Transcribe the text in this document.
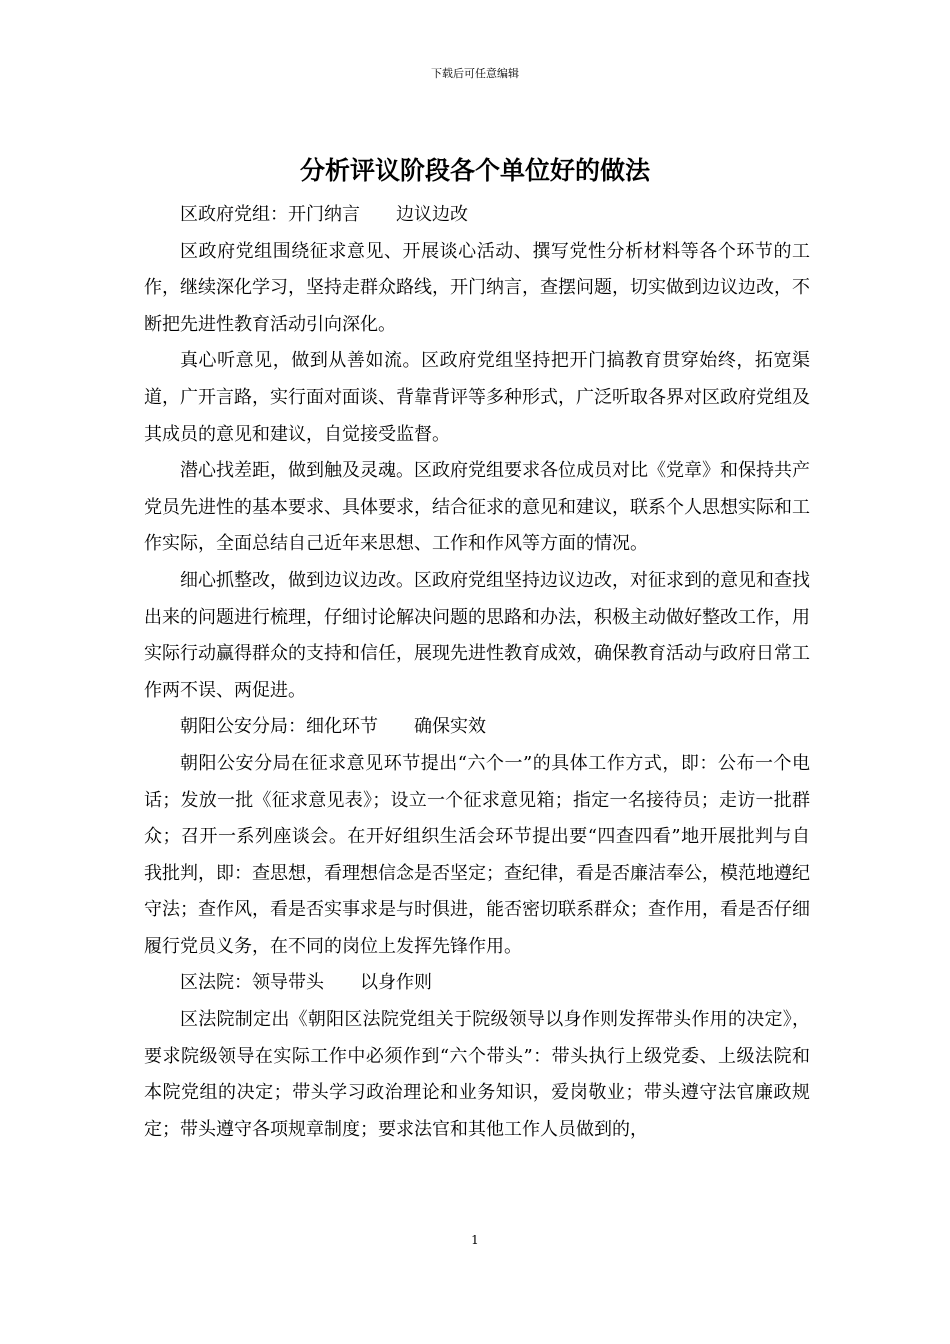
下载后可任意编辑
分析评议阶段各个单位好的做法

区政府党组：开门纳言　　边议边改

区政府党组围绕征求意见、开展谈心活动、撰写党性分析材料等各个环节的工作，继续深化学习，坚持走群众路线，开门纳言，查摆问题，切实做到边议边改，不断把先进性教育活动引向深化。

真心听意见，做到从善如流。区政府党组坚持把开门搞教育贯穿始终，拓宽渠道，广开言路，实行面对面谈、背靠背评等多种形式，广泛听取各界对区政府党组及其成员的意见和建议，自觉接受监督。

潜心找差距，做到触及灵魂。区政府党组要求各位成员对比《党章》和保持共产党员先进性的基本要求、具体要求，结合征求的意见和建议，联系个人思想实际和工作实际，全面总结自己近年来思想、工作和作风等方面的情况。

细心抓整改，做到边议边改。区政府党组坚持边议边改，对征求到的意见和查找出来的问题进行梳理，仔细讨论解决问题的思路和办法，积极主动做好整改工作，用实际行动赢得群众的支持和信任，展现先进性教育成效，确保教育活动与政府日常工作两不误、两促进。

朝阳公安分局：细化环节　　确保实效

朝阳公安分局在征求意见环节提出“六个一”的具体工作方式，即：公布一个电话；发放一批《征求意见表》；设立一个征求意见箱；指定一名接待员；走访一批群众；召开一系列座谈会。在开好组织生活会环节提出要“四查四看”地开展批判与自我批判，即：查思想，看理想信念是否坚定；查纪律，看是否廉洁奉公，模范地遵纪守法；查作风，看是否实事求是与时俱进，能否密切联系群众；查作用，看是否仔细履行党员义务，在不同的岗位上发挥先锋作用。

区法院：领导带头　　以身作则

区法院制定出《朝阳区法院党组关于院级领导以身作则发挥带头作用的决定》，要求院级领导在实际工作中必须作到“六个带头”：带头执行上级党委、上级法院和本院党组的决定；带头学习政治理论和业务知识，爱岗敬业；带头遵守法官廉政规定；带头遵守各项规章制度；要求法官和其他工作人员做到的，

1
